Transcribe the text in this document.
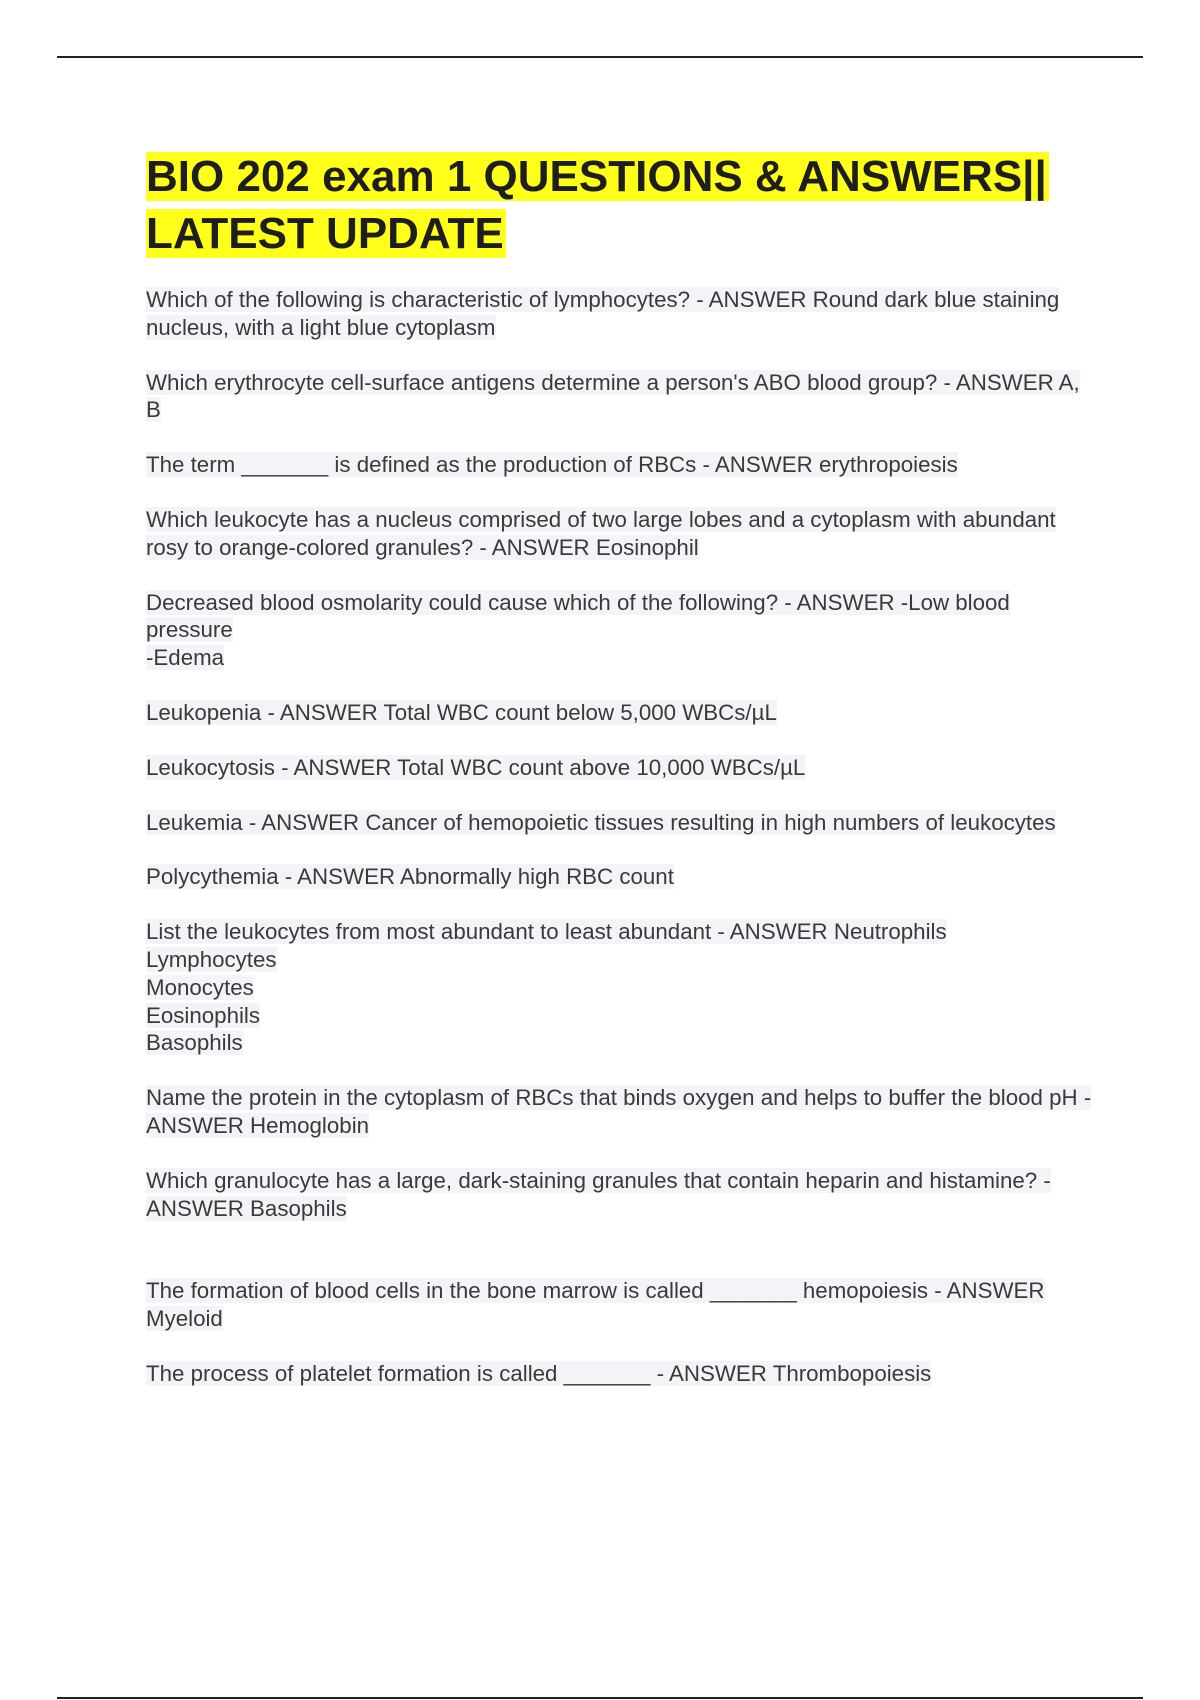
BIO 202 exam 1 QUESTIONS & ANSWERS|| LATEST UPDATE

Which of the following is characteristic of lymphocytes? - ANSWER Round dark blue staining nucleus, with a light blue cytoplasm

Which erythrocyte cell-surface antigens determine a person's ABO blood group? - ANSWER A, B

The term _______ is defined as the production of RBCs - ANSWER erythropoiesis

Which leukocyte has a nucleus comprised of two large lobes and a cytoplasm with abundant rosy to orange-colored granules? - ANSWER Eosinophil

Decreased blood osmolarity could cause which of the following? - ANSWER -Low blood pressure
-Edema

Leukopenia - ANSWER Total WBC count below 5,000 WBCs/µL

Leukocytosis - ANSWER Total WBC count above 10,000 WBCs/µL

Leukemia - ANSWER Cancer of hemopoietic tissues resulting in high numbers of leukocytes

Polycythemia - ANSWER Abnormally high RBC count

List the leukocytes from most abundant to least abundant - ANSWER Neutrophils
Lymphocytes
Monocytes
Eosinophils
Basophils

Name the protein in the cytoplasm of RBCs that binds oxygen and helps to buffer the blood pH - ANSWER Hemoglobin

Which granulocyte has a large, dark-staining granules that contain heparin and histamine? - ANSWER Basophils

The formation of blood cells in the bone marrow is called _______ hemopoiesis - ANSWER Myeloid

The process of platelet formation is called _______ - ANSWER Thrombopoiesis
